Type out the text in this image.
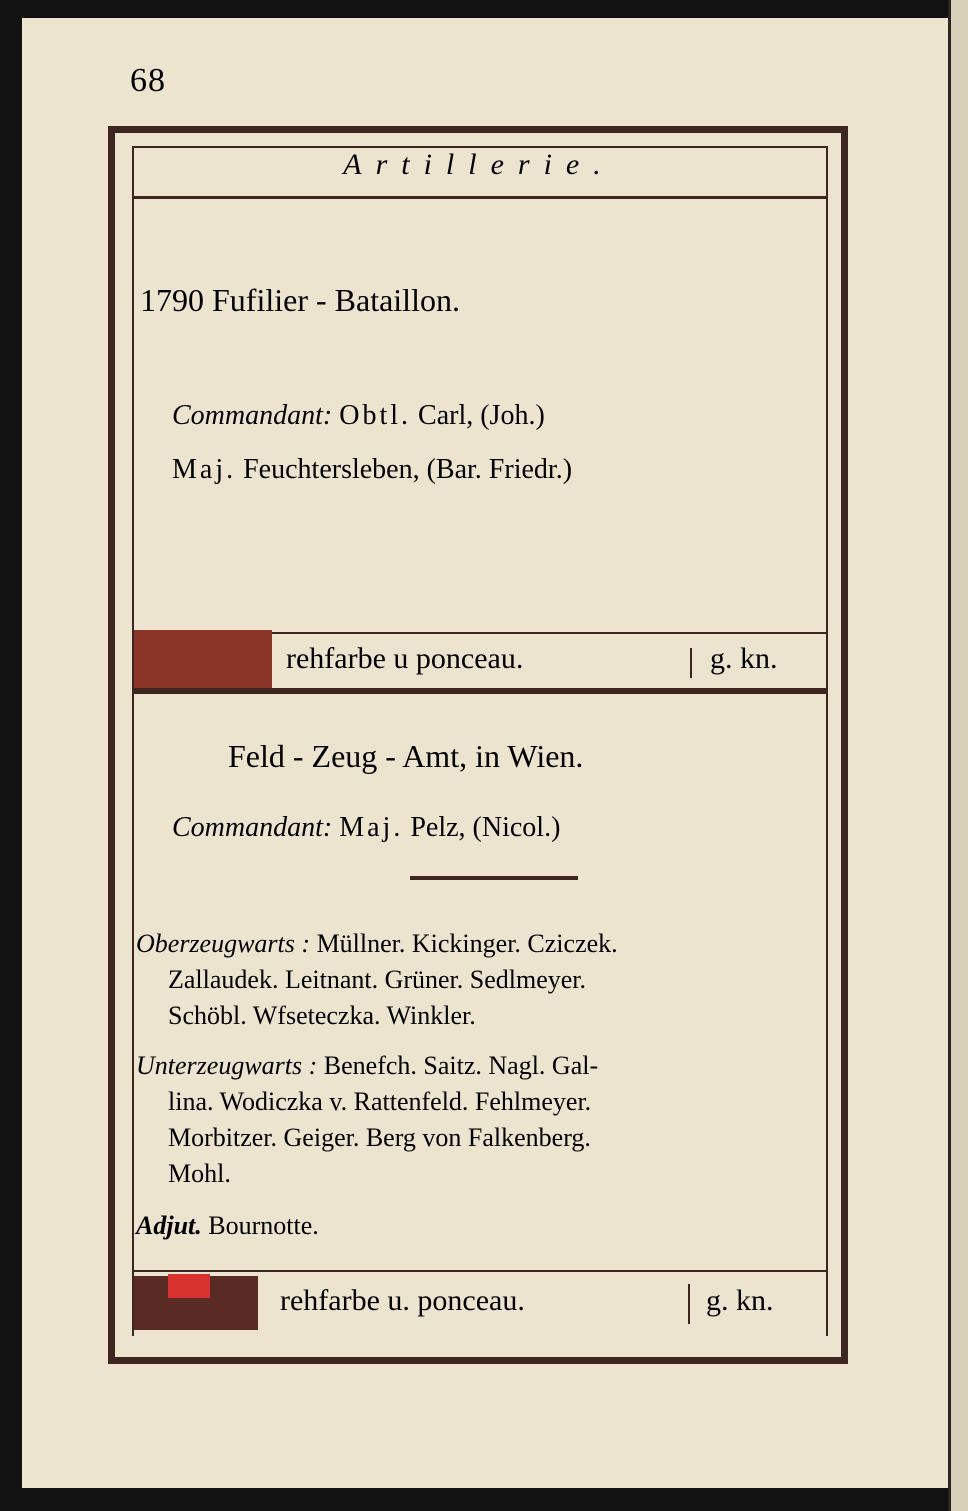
68
Artillerie.
1790 Fufilier - Bataillon.
Commandant: Obtl. Carl, (Joh.)
Maj. Feuchtersleben, (Bar. Friedr.)
rehfarbe u ponceau.	g. kn.
Feld - Zeug - Amt, in Wien.
Commandant: Maj. Pelz, (Nicol.)
Oberzeugwarts : Müllner. Kickinger. Cziczek.
Zallaudek. Leitnant. Grüner. Sedlmeyer.
Schöbl. Wfseteczka. Winkler.
Unterzeugwarts : Benefch. Saitz. Nagl. Gal-
lina. Wodiczka v. Rattenfeld. Fehlmeyer.
Morbitzer. Geiger. Berg von Falkenberg.
Mohl.
Adjut. Bournotte.
rehfarbe u. ponceau.	g. kn.
